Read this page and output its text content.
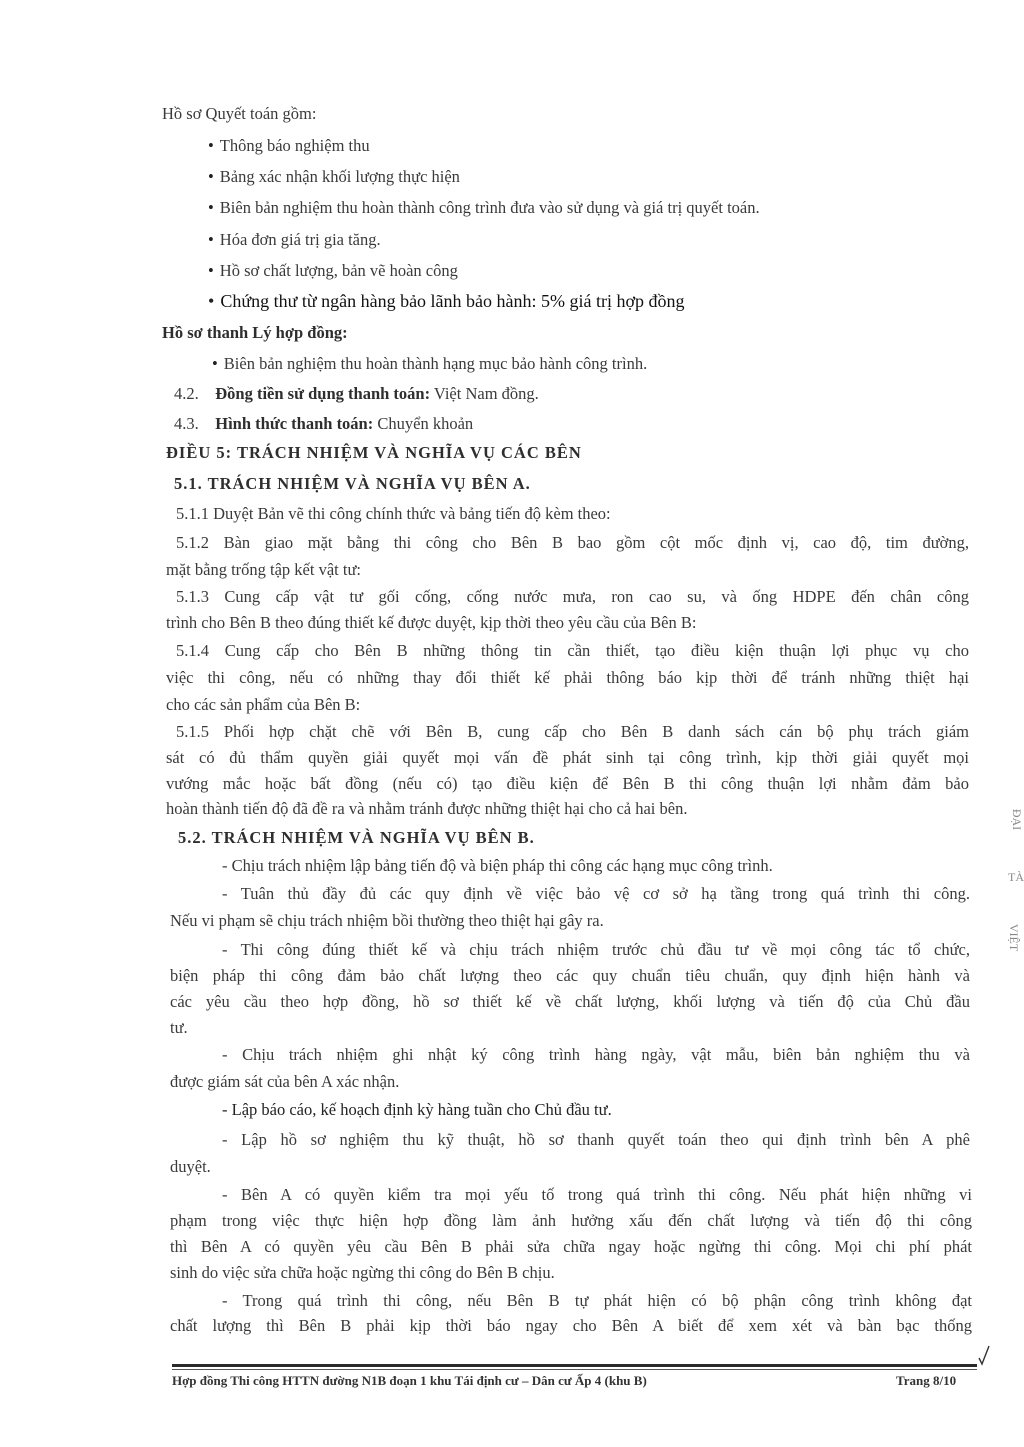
Hồ sơ Quyết toán gồm:
• Thông báo nghiệm thu
• Bảng xác nhận khối lượng thực hiện
• Biên bản nghiệm thu hoàn thành công trình đưa vào sử dụng và giá trị quyết toán.
• Hóa đơn giá trị gia tăng.
• Hồ sơ chất lượng, bản vẽ hoàn công
• Chứng thư từ ngân hàng bảo lãnh bảo hành: 5% giá trị hợp đồng
Hồ sơ thanh Lý hợp đồng:
• Biên bản nghiệm thu hoàn thành hạng mục bảo hành công trình.
4.2. Đồng tiền sử dụng thanh toán: Việt Nam đồng.
4.3. Hình thức thanh toán: Chuyển khoản
ĐIỀU 5: TRÁCH NHIỆM VÀ NGHĨA VỤ CÁC BÊN
5.1. TRÁCH NHIỆM VÀ NGHĨA VỤ BÊN A.
5.1.1 Duyệt Bản vẽ thi công chính thức và bảng tiến độ kèm theo:
5.1.2 Bàn giao mặt bằng thi công cho Bên B bao gồm cột mốc định vị, cao độ, tim đường,
mặt bằng trống tập kết vật tư:
5.1.3 Cung cấp vật tư gối cống, cống nước mưa, ron cao su, và ống HDPE đến chân công
trình cho Bên B theo đúng thiết kế được duyệt, kịp thời theo yêu cầu của Bên B:
5.1.4 Cung cấp cho Bên B những thông tin cần thiết, tạo điều kiện thuận lợi phục vụ cho
việc thi công, nếu có những thay đổi thiết kế phải thông báo kịp thời để tránh những thiệt hại
cho các sản phẩm của Bên B:
5.1.5 Phối hợp chặt chẽ với Bên B, cung cấp cho Bên B danh sách cán bộ phụ trách giám
sát có đủ thẩm quyền giải quyết mọi vấn đề phát sinh tại công trình, kịp thời giải quyết mọi
vướng mắc hoặc bất đồng (nếu có) tạo điều kiện để Bên B thi công thuận lợi nhằm đảm bảo
hoàn thành tiến độ đã đề ra và nhằm tránh được những thiệt hại cho cả hai bên.
5.2. TRÁCH NHIỆM VÀ NGHĨA VỤ BÊN B.
- Chịu trách nhiệm lập bảng tiến độ và biện pháp thi công các hạng mục công trình.
- Tuân thủ đầy đủ các quy định về việc bảo vệ cơ sở hạ tầng trong quá trình thi công.
Nếu vi phạm sẽ chịu trách nhiệm bồi thường theo thiệt hại gây ra.
- Thi công đúng thiết kế và chịu trách nhiệm trước chủ đầu tư về mọi công tác tổ chức,
biện pháp thi công đảm bảo chất lượng theo các quy chuẩn tiêu chuẩn, quy định hiện hành và
các yêu cầu theo hợp đồng, hồ sơ thiết kế về chất lượng, khối lượng và tiến độ của Chủ đầu
tư.
- Chịu trách nhiệm ghi nhật ký công trình hàng ngày, vật mẫu, biên bản nghiệm thu và
được giám sát của bên A xác nhận.
- Lập báo cáo, kế hoạch định kỳ hàng tuần cho Chủ đầu tư.
- Lập hồ sơ nghiệm thu kỹ thuật, hồ sơ thanh quyết toán theo qui định trình bên A phê
duyệt.
- Bên A có quyền kiểm tra mọi yếu tố trong quá trình thi công. Nếu phát hiện những vi
phạm trong việc thực hiện hợp đồng làm ảnh hưởng xấu đến chất lượng và tiến độ thi công
thì Bên A có quyền yêu cầu Bên B phải sửa chữa ngay hoặc ngừng thi công. Mọi chi phí phát
sinh do việc sửa chữa hoặc ngừng thi công do Bên B chịu.
- Trong quá trình thi công, nếu Bên B tự phát hiện có bộ phận công trình không đạt
chất lượng thì Bên B phải kịp thời báo ngay cho Bên A biết để xem xét và bàn bạc thống
Hợp đồng Thi công HTTN đường N1B đoạn 1 khu Tái định cư – Dân cư Ấp 4 (khu B)	Trang 8/10
ĐẠI
TÀ
VIỆT
